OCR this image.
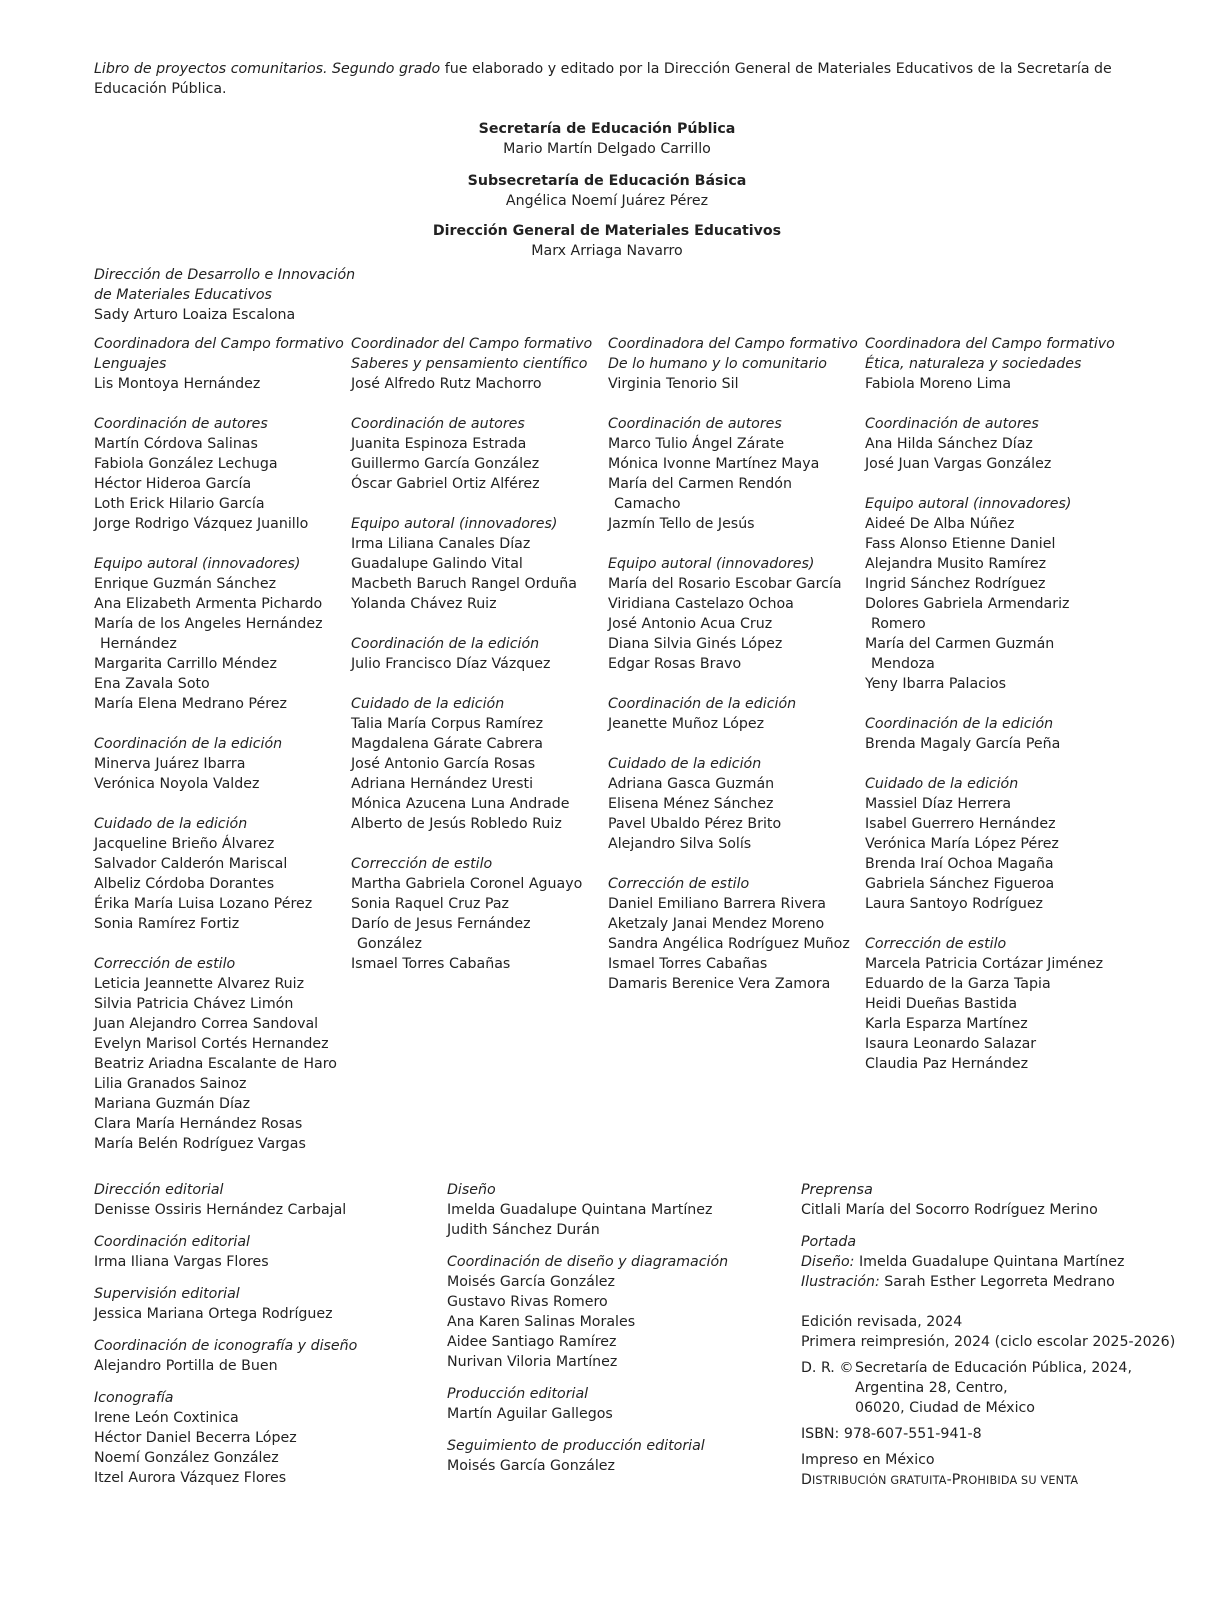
Libro de proyectos comunitarios. Segundo grado fue elaborado y editado por la Dirección General de Materiales Educativos de la Secretaría de Educación Pública.
Secretaría de Educación Pública
Mario Martín Delgado Carrillo
Subsecretaría de Educación Básica
Angélica Noemí Juárez Pérez
Dirección General de Materiales Educativos
Marx Arriaga Navarro
Dirección de Desarrollo e Innovación
de Materiales Educativos
Sady Arturo Loaiza Escalona
Coordinadora del Campo formativo
Lenguajes
Lis Montoya Hernández
Coordinación de autores
Martín Córdova Salinas
Fabiola González Lechuga
Héctor Hideroa García
Loth Erick Hilario García
Jorge Rodrigo Vázquez Juanillo
Equipo autoral (innovadores)
Enrique Guzmán Sánchez
Ana Elizabeth Armenta Pichardo
María de los Angeles Hernández
Hernández
Margarita Carrillo Méndez
Ena Zavala Soto
María Elena Medrano Pérez
Coordinación de la edición
Minerva Juárez Ibarra
Verónica Noyola Valdez
Cuidado de la edición
Jacqueline Brieño Álvarez
Salvador Calderón Mariscal
Albeliz Córdoba Dorantes
Érika María Luisa Lozano Pérez
Sonia Ramírez Fortiz
Corrección de estilo
Leticia Jeannette Alvarez Ruiz
Silvia Patricia Chávez Limón
Juan Alejandro Correa Sandoval
Evelyn Marisol Cortés Hernandez
Beatriz Ariadna Escalante de Haro
Lilia Granados Sainoz
Mariana Guzmán Díaz
Clara María Hernández Rosas
María Belén Rodríguez Vargas
Coordinador del Campo formativo
Saberes y pensamiento científico
José Alfredo Rutz Machorro
Coordinación de autores
Juanita Espinoza Estrada
Guillermo García González
Óscar Gabriel Ortiz Alférez
Equipo autoral (innovadores)
Irma Liliana Canales Díaz
Guadalupe Galindo Vital
Macbeth Baruch Rangel Orduña
Yolanda Chávez Ruiz
Coordinación de la edición
Julio Francisco Díaz Vázquez
Cuidado de la edición
Talia María Corpus Ramírez
Magdalena Gárate Cabrera
José Antonio García Rosas
Adriana Hernández Uresti
Mónica Azucena Luna Andrade
Alberto de Jesús Robledo Ruiz
Corrección de estilo
Martha Gabriela Coronel Aguayo
Sonia Raquel Cruz Paz
Darío de Jesus Fernández
González
Ismael Torres Cabañas
Coordinadora del Campo formativo
De lo humano y lo comunitario
Virginia Tenorio Sil
Coordinación de autores
Marco Tulio Ángel Zárate
Mónica Ivonne Martínez Maya
María del Carmen Rendón
Camacho
Jazmín Tello de Jesús
Equipo autoral (innovadores)
María del Rosario Escobar García
Viridiana Castelazo Ochoa
José Antonio Acua Cruz
Diana Silvia Ginés López
Edgar Rosas Bravo
Coordinación de la edición
Jeanette Muñoz López
Cuidado de la edición
Adriana Gasca Guzmán
Elisena Ménez Sánchez
Pavel Ubaldo Pérez Brito
Alejandro Silva Solís
Corrección de estilo
Daniel Emiliano Barrera Rivera
Aketzaly Janai Mendez Moreno
Sandra Angélica Rodríguez Muñoz
Ismael Torres Cabañas
Damaris Berenice Vera Zamora
Coordinadora del Campo formativo
Ética, naturaleza y sociedades
Fabiola Moreno Lima
Coordinación de autores
Ana Hilda Sánchez Díaz
José Juan Vargas González
Equipo autoral (innovadores)
Aideé De Alba Núñez
Fass Alonso Etienne Daniel
Alejandra Musito Ramírez
Ingrid Sánchez Rodríguez
Dolores Gabriela Armendariz
Romero
María del Carmen Guzmán
Mendoza
Yeny Ibarra Palacios
Coordinación de la edición
Brenda Magaly García Peña
Cuidado de la edición
Massiel Díaz Herrera
Isabel Guerrero Hernández
Verónica María López Pérez
Brenda Iraí Ochoa Magaña
Gabriela Sánchez Figueroa
Laura Santoyo Rodríguez
Corrección de estilo
Marcela Patricia Cortázar Jiménez
Eduardo de la Garza Tapia
Heidi Dueñas Bastida
Karla Esparza Martínez
Isaura Leonardo Salazar
Claudia Paz Hernández
Dirección editorial
Denisse Ossiris Hernández Carbajal
Coordinación editorial
Irma Iliana Vargas Flores
Supervisión editorial
Jessica Mariana Ortega Rodríguez
Coordinación de iconografía y diseño
Alejandro Portilla de Buen
Iconografía
Irene León Coxtinica
Héctor Daniel Becerra López
Noemí González González
Itzel Aurora Vázquez Flores
Diseño
Imelda Guadalupe Quintana Martínez
Judith Sánchez Durán
Coordinación de diseño y diagramación
Moisés García González
Gustavo Rivas Romero
Ana Karen Salinas Morales
Aidee Santiago Ramírez
Nurivan Viloria Martínez
Producción editorial
Martín Aguilar Gallegos
Seguimiento de producción editorial
Moisés García González
Preprensa
Citlali María del Socorro Rodríguez Merino
Portada
Diseño: Imelda Guadalupe Quintana Martínez
Ilustración: Sarah Esther Legorreta Medrano
Edición revisada, 2024
Primera reimpresión, 2024 (ciclo escolar 2025-2026)
D. R. © Secretaría de Educación Pública, 2024,
Argentina 28, Centro,
06020, Ciudad de México
ISBN: 978-607-551-941-8
Impreso en México
DISTRIBUCIÓN GRATUITA-PROHIBIDA SU VENTA
